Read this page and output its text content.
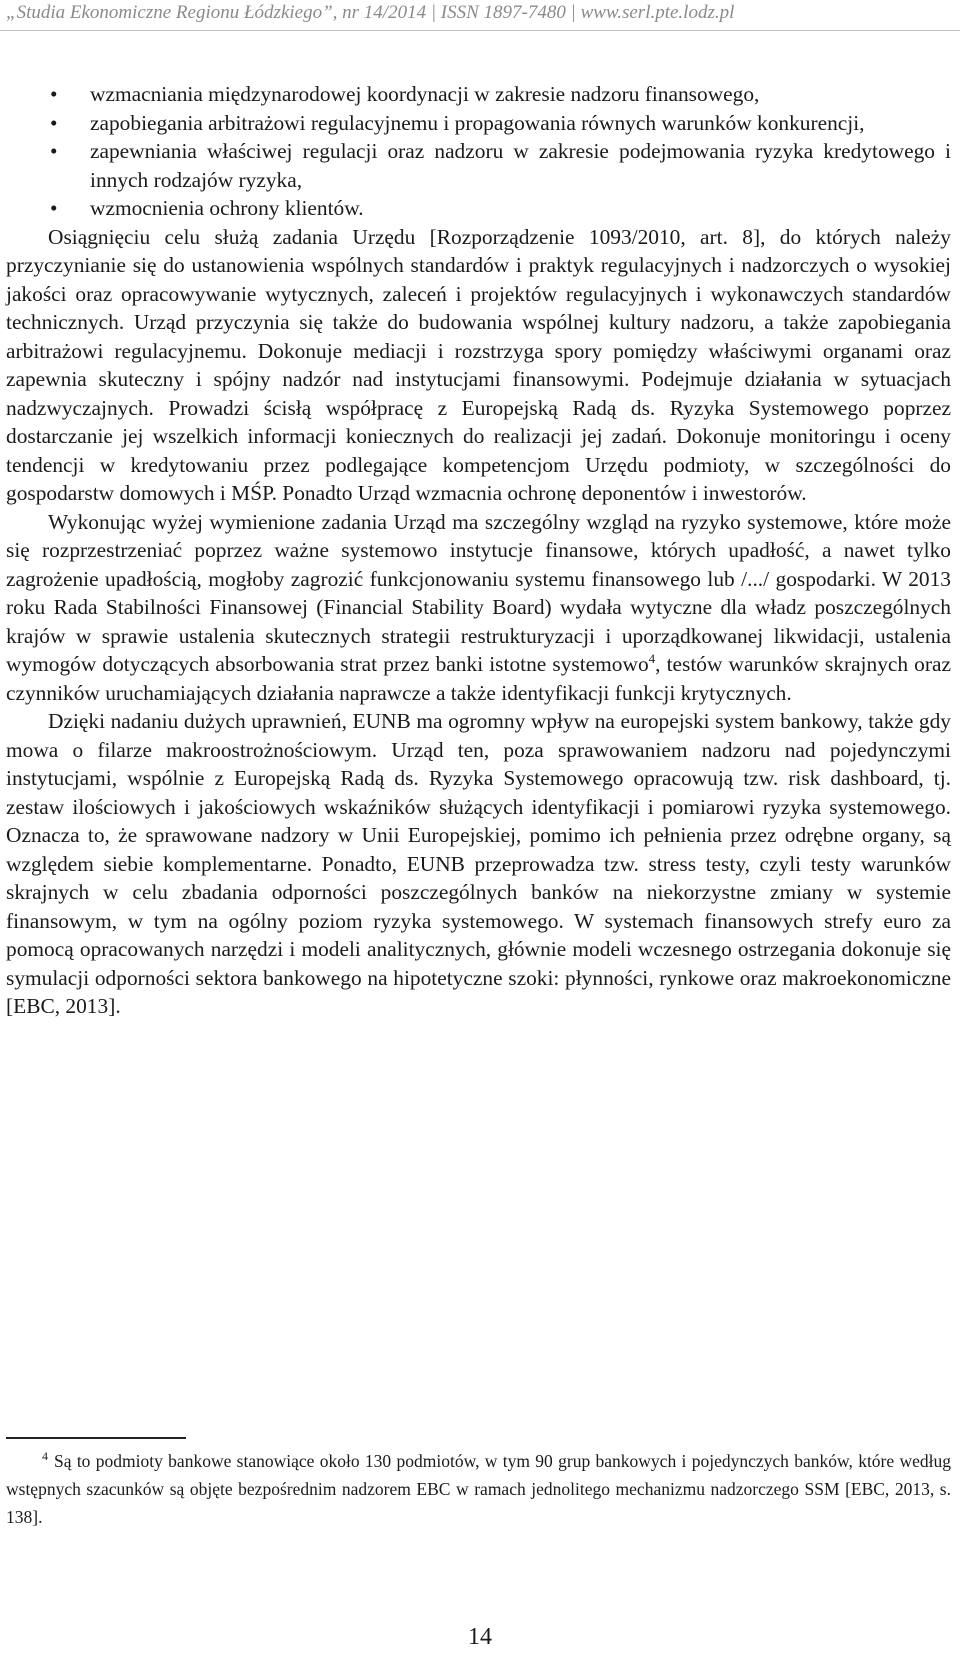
„Studia Ekonomiczne Regionu Łódzkiego”, nr 14/2014 | ISSN 1897-7480 | www.serl.pte.lodz.pl
• wzmacniania międzynarodowej koordynacji w zakresie nadzoru finansowego,
• zapobiegania arbitrażowi regulacyjnemu i propagowania równych warunków konkurencji,
• zapewniania właściwej regulacji oraz nadzoru w zakresie podejmowania ryzyka kredytowego i innych rodzajów ryzyka,
• wzmocnienia ochrony klientów.

Osiągnięciu celu służą zadania Urzędu [Rozporządzenie 1093/2010, art. 8], do których należy przyczynianie się do ustanowienia wspólnych standardów i praktyk regulacyjnych i nadzorczych o wysokiej jakości oraz opracowywanie wytycznych, zaleceń i projektów regulacyjnych i wykonawczych standardów technicznych. Urząd przyczynia się także do budowania wspólnej kultury nadzoru, a także zapobiegania arbitrażowi regulacyjnemu. Dokonuje mediacji i rozstrzyga spory pomiędzy właściwymi organami oraz zapewnia skuteczny i spójny nadzór nad instytucjami finansowymi. Podejmuje działania w sytuacjach nadzwyczajnych. Prowadzi ścisłą współpracę z Europejską Radą ds. Ryzyka Systemowego poprzez dostarczanie jej wszelkich informacji koniecznych do realizacji jej zadań. Dokonuje monitoringu i oceny tendencji w kredytowaniu przez podlegające kompetencjom Urzędu podmioty, w szczególności do gospodarstw domowych i MŚP. Ponadto Urząd wzmacnia ochronę deponentów i inwestorów.

Wykonując wyżej wymienione zadania Urząd ma szczególny wzgląd na ryzyko systemowe, które może się rozprzestrzeniać poprzez ważne systemowo instytucje finansowe, których upadłość, a nawet tylko zagrożenie upadłością, mogłoby zagrozić funkcjonowaniu systemu finansowego lub /.../ gospodarki. W 2013 roku Rada Stabilności Finansowej (Financial Stability Board) wydała wytyczne dla władz poszczególnych krajów w sprawie ustalenia skutecznych strategii restrukturyzacji i uporządkowanej likwidacji, ustalenia wymogów dotyczących absorbowania strat przez banki istotne systemowo$^4$, testów warunków skrajnych oraz czynników uruchamiających działania naprawcze a także identyfikacji funkcji krytycznych.

Dzięki nadaniu dużych uprawnień, EUNB ma ogromny wpływ na europejski system bankowy, także gdy mowa o filarze makroostrożnościowym. Urząd ten, poza sprawowaniem nadzoru nad pojedynczymi instytucjami, wspólnie z Europejską Radą ds. Ryzyka Systemowego opracowują tzw. risk dashboard, tj. zestaw ilościowych i jakościowych wskaźników służących identyfikacji i pomiarowi ryzyka systemowego. Oznacza to, że sprawowane nadzory w Unii Europejskiej, pomimo ich pełnienia przez odrębne organy, są względem siebie komplementarne. Ponadto, EUNB przeprowadza tzw. stress testy, czyli testy warunków skrajnych w celu zbadania odporności poszczególnych banków na niekorzystne zmiany w systemie finansowym, w tym na ogólny poziom ryzyka systemowego. W systemach finansowych strefy euro za pomocą opracowanych narzędzi i modeli analitycznych, głównie modeli wczesnego ostrzegania dokonuje się symulacji odporności sektora bankowego na hipotetyczne szoki: płynności, rynkowe oraz makroekonomiczne [EBC, 2013].

$^4$ Są to podmioty bankowe stanowiące około 130 podmiotów, w tym 90 grup bankowych i pojedynczych banków, które według wstępnych szacunków są objęte bezpośrednim nadzorem EBC w ramach jednolitego mechanizmu nadzorczego SSM [EBC, 2013, s. 138].
14
